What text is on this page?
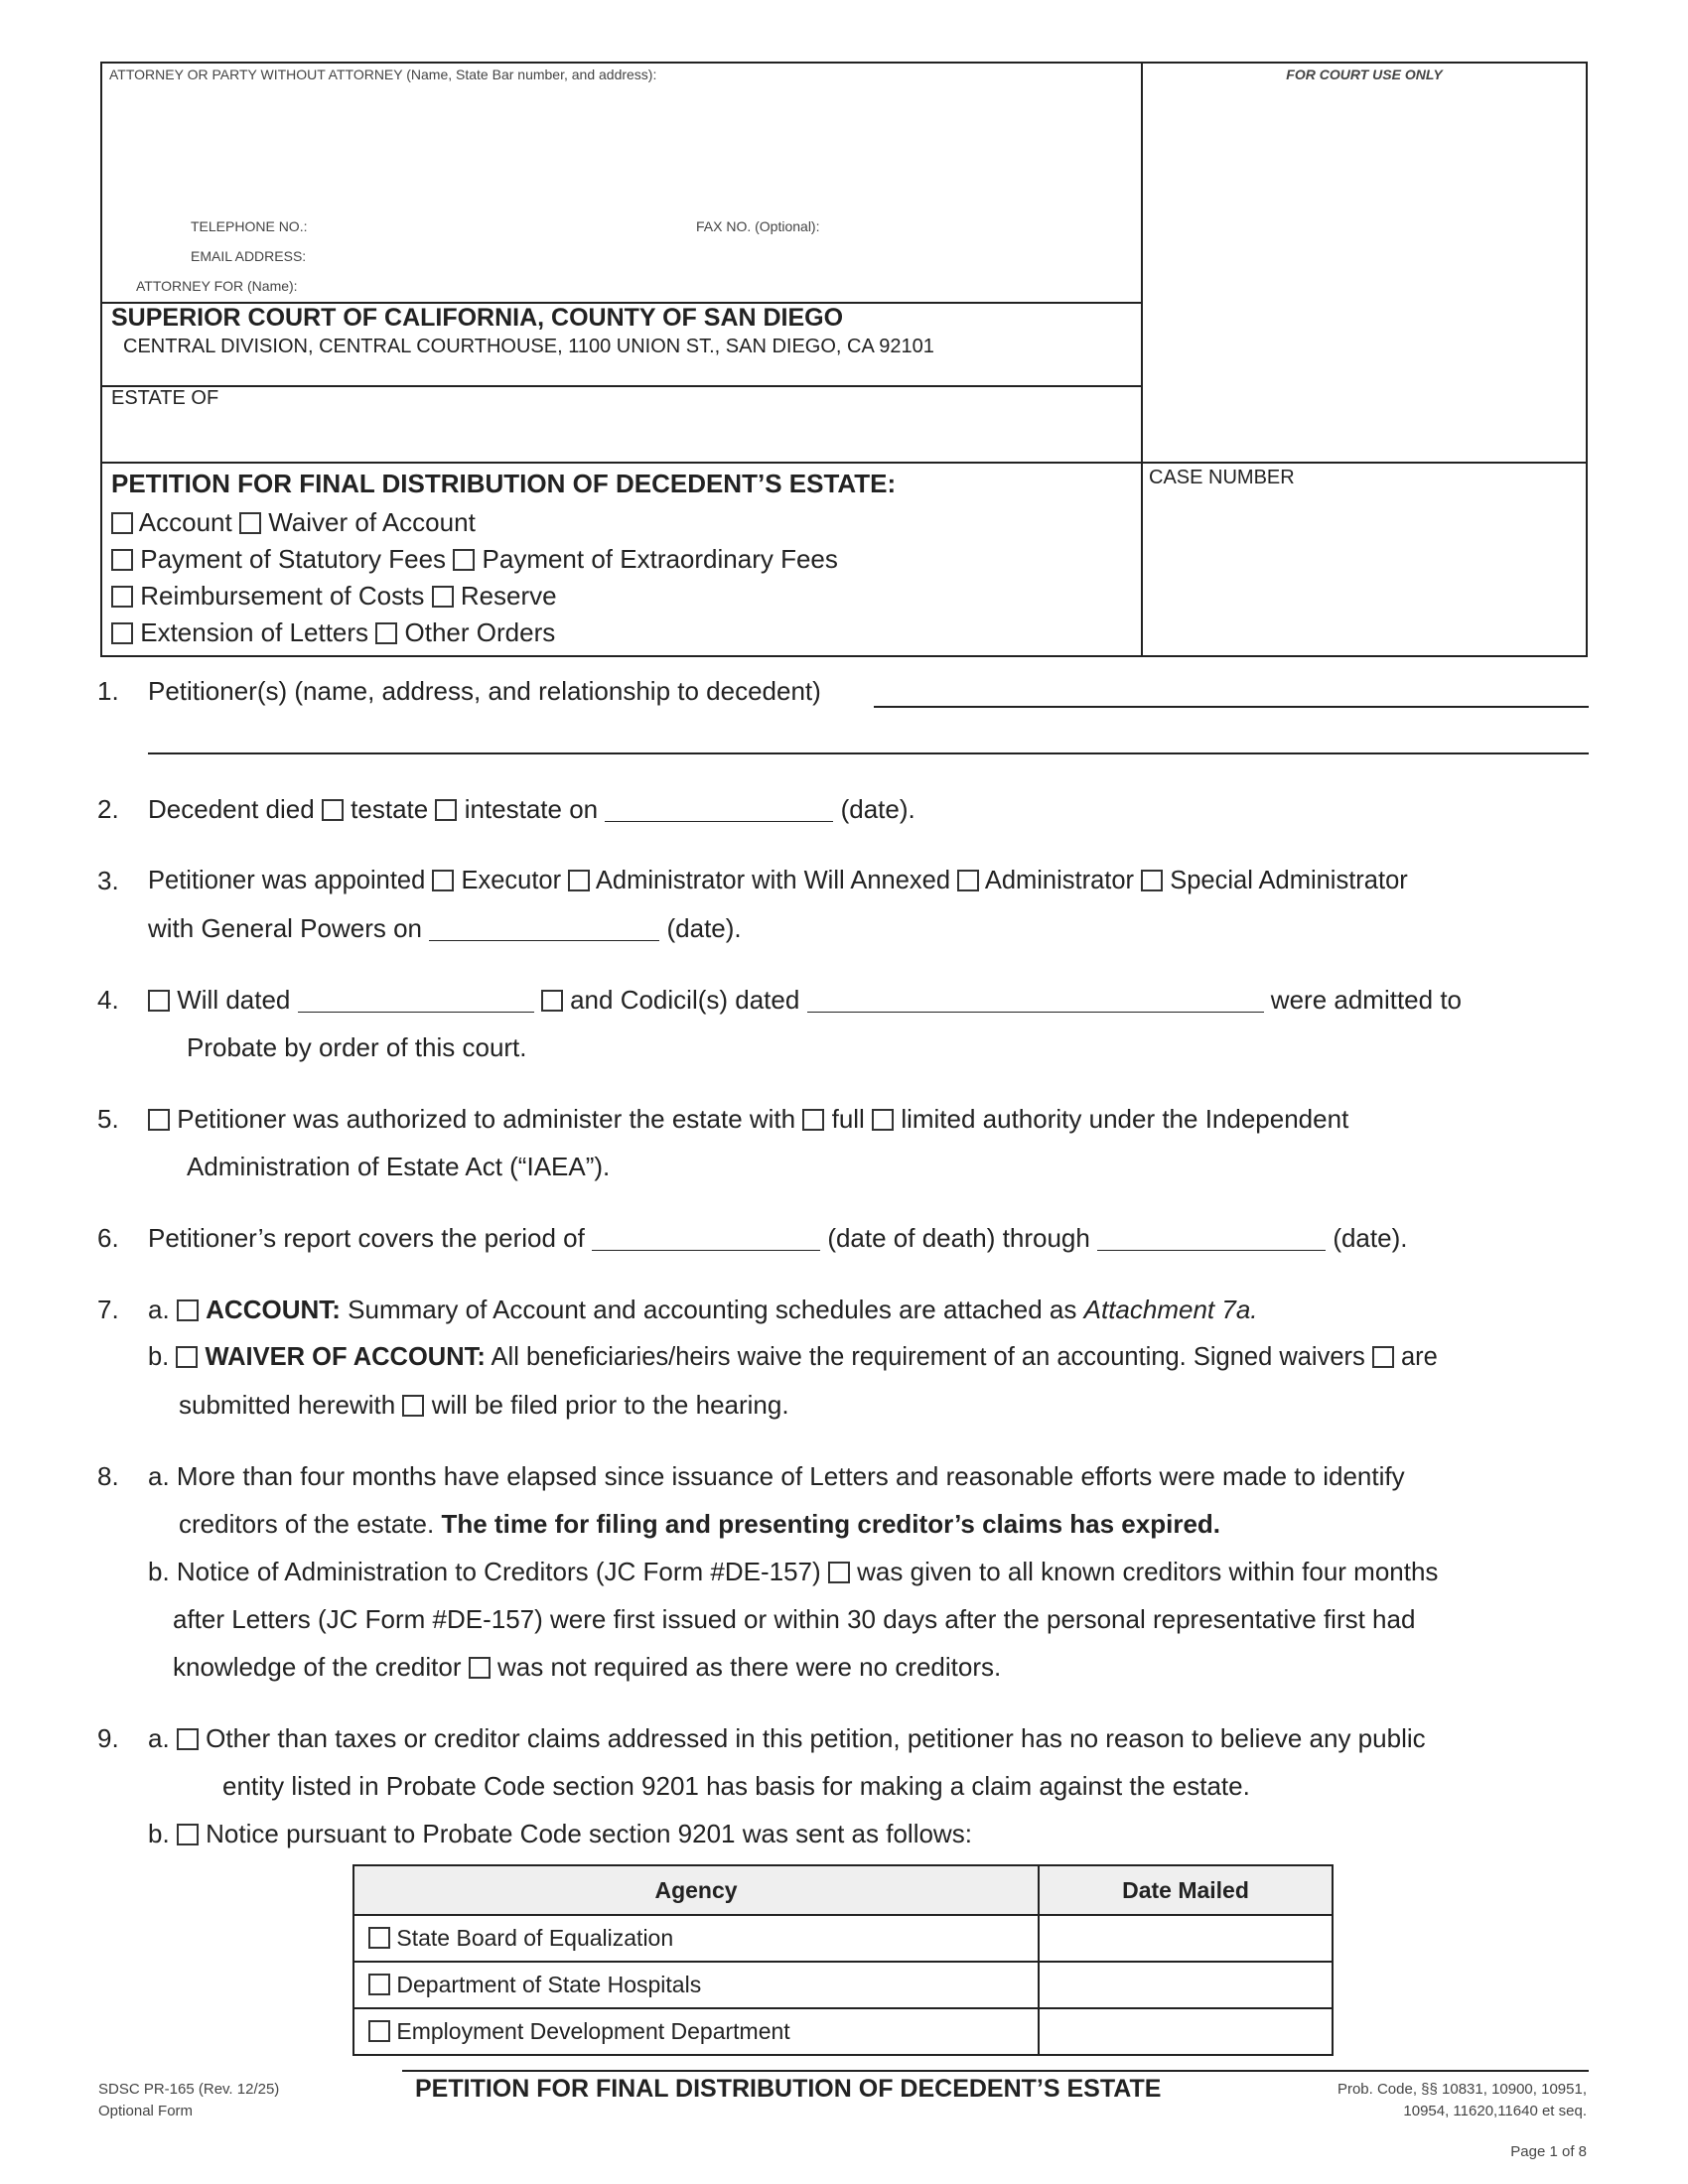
ATTORNEY OR PARTY WITHOUT ATTORNEY (Name, State Bar number, and address):	FOR COURT USE ONLY
TELEPHONE NO.:	FAX NO. (Optional):
EMAIL ADDRESS:
ATTORNEY FOR (Name):
SUPERIOR COURT OF CALIFORNIA, COUNTY OF SAN DIEGO
CENTRAL DIVISION, CENTRAL COURTHOUSE, 1100 UNION ST., SAN DIEGO, CA 92101
ESTATE OF
CASE NUMBER
PETITION FOR FINAL DISTRIBUTION OF DECEDENT’S ESTATE:
Account Waiver of Account
Payment of Statutory Fees Payment of Extraordinary Fees
Reimbursement of Costs Reserve
Extension of Letters Other Orders
1. Petitioner(s) (name, address, and relationship to decedent)
2. Decedent died testate intestate on	(date).
3. Petitioner was appointed Executor Administrator with Will Annexed Administrator Special Administrator
with General Powers on	(date).
4.	Will dated	and Codicil(s) dated	were admitted to
Probate by order of this court.
5.	Petitioner was authorized to administer the estate with full limited authority under the Independent
Administration of Estate Act (“IAEA”).
6. Petitioner’s report covers the period of	(date of death) through	(date).
7. a. ACCOUNT: Summary of Account and accounting schedules are attached as Attachment 7a.
b. WAIVER OF ACCOUNT: All beneficiaries/heirs waive the requirement of an accounting. Signed waivers are
submitted herewith will be filed prior to the hearing.
8. a. More than four months have elapsed since issuance of Letters and reasonable efforts were made to identify
creditors of the estate. The time for filing and presenting creditor’s claims has expired.
b. Notice of Administration to Creditors (JC Form #DE-157) was given to all known creditors within four months
after Letters (JC Form #DE-157) were first issued or within 30 days after the personal representative first had
knowledge of the creditor was not required as there were no creditors.
9. a. Other than taxes or creditor claims addressed in this petition, petitioner has no reason to believe any public
entity listed in Probate Code section 9201 has basis for making a claim against the estate.
b. Notice pursuant to Probate Code section 9201 was sent as follows:
Agency	Date Mailed
State Board of Equalization	
Department of State Hospitals	
Employment Development Department	
SDSC PR-165 (Rev. 12/25)
Optional Form
PETITION FOR FINAL DISTRIBUTION OF DECEDENT’S ESTATE	Prob. Code, §§ 10831, 10900, 10951,
10954, 11620,11640 et seq.
Page 1 of 8
